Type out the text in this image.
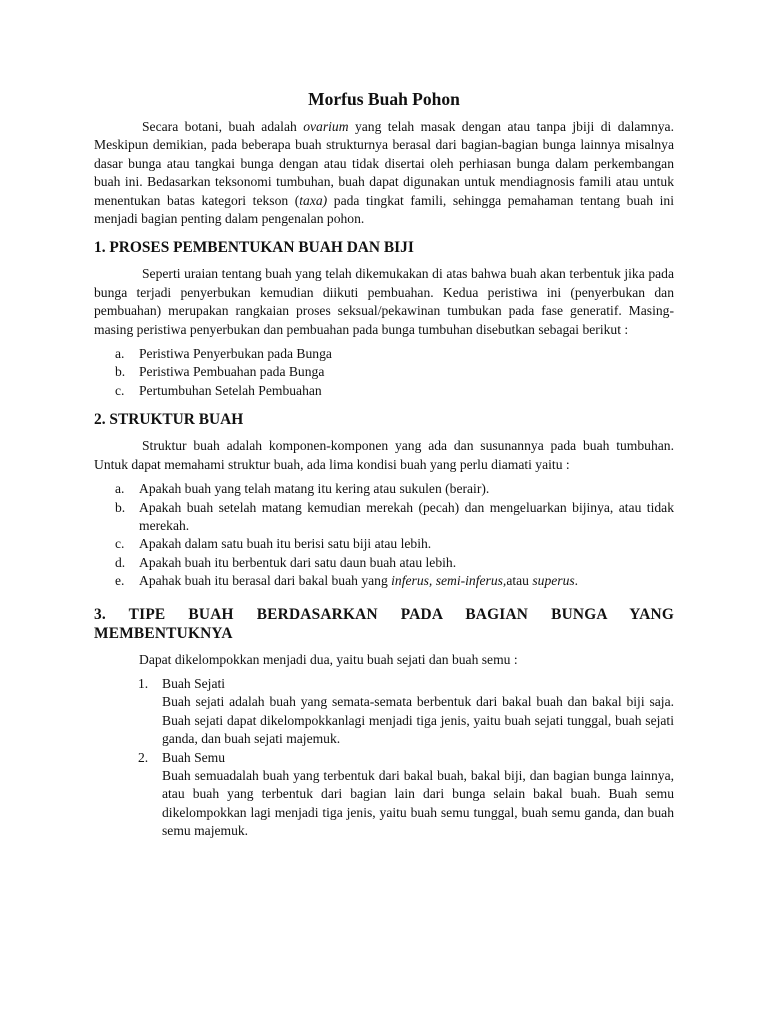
Morfus Buah Pohon

Secara botani, buah adalah ovarium yang telah masak dengan atau tanpa jbiji di dalamnya. Meskipun demikian, pada beberapa buah strukturnya berasal dari bagian-bagian bunga lainnya misalnya dasar bunga atau tangkai bunga dengan atau tidak disertai oleh perhiasan bunga dalam perkembangan buah ini. Bedasarkan teksonomi tumbuhan, buah dapat digunakan untuk mendiagnosis famili atau untuk menentukan batas kategori tekson (taxa) pada tingkat famili, sehingga pemahaman tentang buah ini menjadi bagian penting dalam pengenalan pohon.

1. PROSES PEMBENTUKAN BUAH DAN BIJI

Seperti uraian tentang buah yang telah dikemukakan di atas bahwa buah akan terbentuk jika pada bunga terjadi penyerbukan kemudian diikuti pembuahan. Kedua peristiwa ini (penyerbukan dan pembuahan) merupakan rangkaian proses seksual/pekawinan tumbukan pada fase generatif. Masing-masing peristiwa penyerbukan dan pembuahan pada bunga tumbuhan disebutkan sebagai berikut :

a. Peristiwa Penyerbukan pada Bunga
b. Peristiwa Pembuahan pada Bunga
c. Pertumbuhan Setelah Pembuahan
2. STRUKTUR BUAH

Struktur buah adalah komponen-komponen yang ada dan susunannya pada buah tumbuhan. Untuk dapat memahami struktur buah, ada lima kondisi buah yang perlu diamati yaitu :

a. Apakah buah yang telah matang itu kering atau sukulen (berair).
b. Apakah buah setelah matang kemudian merekah (pecah) dan mengeluarkan bijinya, atau tidak merekah.
c. Apakah dalam satu buah itu berisi satu biji atau lebih.
d. Apakah buah itu berbentuk dari satu daun buah atau lebih.
e. Apahak buah itu berasal dari bakal buah yang inferus, semi-inferus,atau superus.
3. TIPE BUAH BERDASARKAN PADA BAGIAN BUNGA YANG MEMBENTUKNYA

Dapat dikelompokkan menjadi dua, yaitu buah sejati dan buah semu :

1. Buah Sejati

Buah sejati adalah buah yang semata-semata berbentuk dari bakal buah dan bakal biji saja. Buah sejati dapat dikelompokkanlagi menjadi tiga jenis, yaitu buah sejati tunggal, buah sejati ganda, dan buah sejati majemuk.

2. Buah Semu

Buah semuadalah buah yang terbentuk dari bakal buah, bakal biji, dan bagian bunga lainnya, atau buah yang terbentuk dari bagian lain dari bunga selain bakal buah. Buah semu dikelompokkan lagi menjadi tiga jenis, yaitu buah semu tunggal, buah semu ganda, dan buah semu majemuk.
